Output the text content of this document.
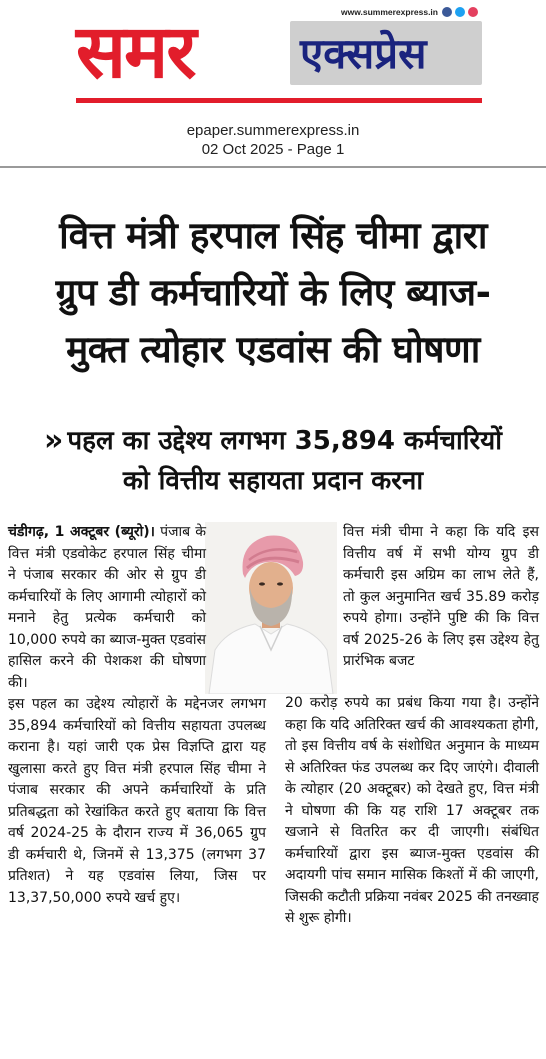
समर	एक्सप्रेस
www.summerexpress.in
epaper.summerexpress.in
02 Oct 2025 - Page 1
वित्त मंत्री हरपाल सिंह चीमा द्वारा
ग्रुप डी कर्मचारियों के लिए ब्याज-
मुक्त त्योहार एडवांस की घोषणा
» पहल का उद्देश्य लगभग 35,894 कर्मचारियों
को वित्तीय सहायता प्रदान करना

चंडीगढ़, 1 अक्टूबर (ब्यूरो)। पंजाब के वित्त मंत्री एडवोकेट हरपाल सिंह चीमा ने पंजाब सरकार की ओर से ग्रुप डी कर्मचारियों के लिए आगामी त्योहारों को मनाने हेतु प्रत्येक कर्मचारी को 10,000 रुपये का ब्याज-मुक्त एडवांस हासिल करने की पेशकश की घोषणा की।

इस पहल का उद्देश्य त्योहारों के मद्देनजर लगभग 35,894 कर्मचारियों को वित्तीय सहायता उपलब्ध कराना है। यहां जारी एक प्रेस विज्ञप्ति द्वारा यह खुलासा करते हुए वित्त मंत्री हरपाल सिंह चीमा ने पंजाब सरकार की अपने कर्मचारियों के प्रति प्रतिबद्धता को रेखांकित करते हुए बताया कि वित्त वर्ष 2024-25 के दौरान राज्य में 36,065 ग्रुप डी कर्मचारी थे, जिनमें से 13,375 (लगभग 37 प्रतिशत) ने यह एडवांस लिया, जिस पर 13,37,50,000 रुपये खर्च हुए।

वित्त मंत्री चीमा ने कहा कि यदि इस वित्तीय वर्ष में सभी योग्य ग्रुप डी कर्मचारी इस अग्रिम का लाभ लेते हैं, तो कुल अनुमानित खर्च 35.89 करोड़ रुपये होगा। उन्होंने पुष्टि की कि वित्त वर्ष 2025-26 के लिए इस उद्देश्य हेतु प्रारंभिक बजट

20 करोड़ रुपये का प्रबंध किया गया है। उन्होंने कहा कि यदि अतिरिक्त खर्च की आवश्यकता होगी, तो इस वित्तीय वर्ष के संशोधित अनुमान के माध्यम से अतिरिक्त फंड उपलब्ध कर दिए जाएंगे। दीवाली के त्योहार (20 अक्टूबर) को देखते हुए, वित्त मंत्री ने घोषणा की कि यह राशि 17 अक्टूबर तक खजाने से वितरित कर दी जाएगी। संबंधित कर्मचारियों द्वारा इस ब्याज-मुक्त एडवांस की अदायगी पांच समान मासिक किश्तों में की जाएगी, जिसकी कटौती प्रक्रिया नवंबर 2025 की तनख्वाह से शुरू होगी।
